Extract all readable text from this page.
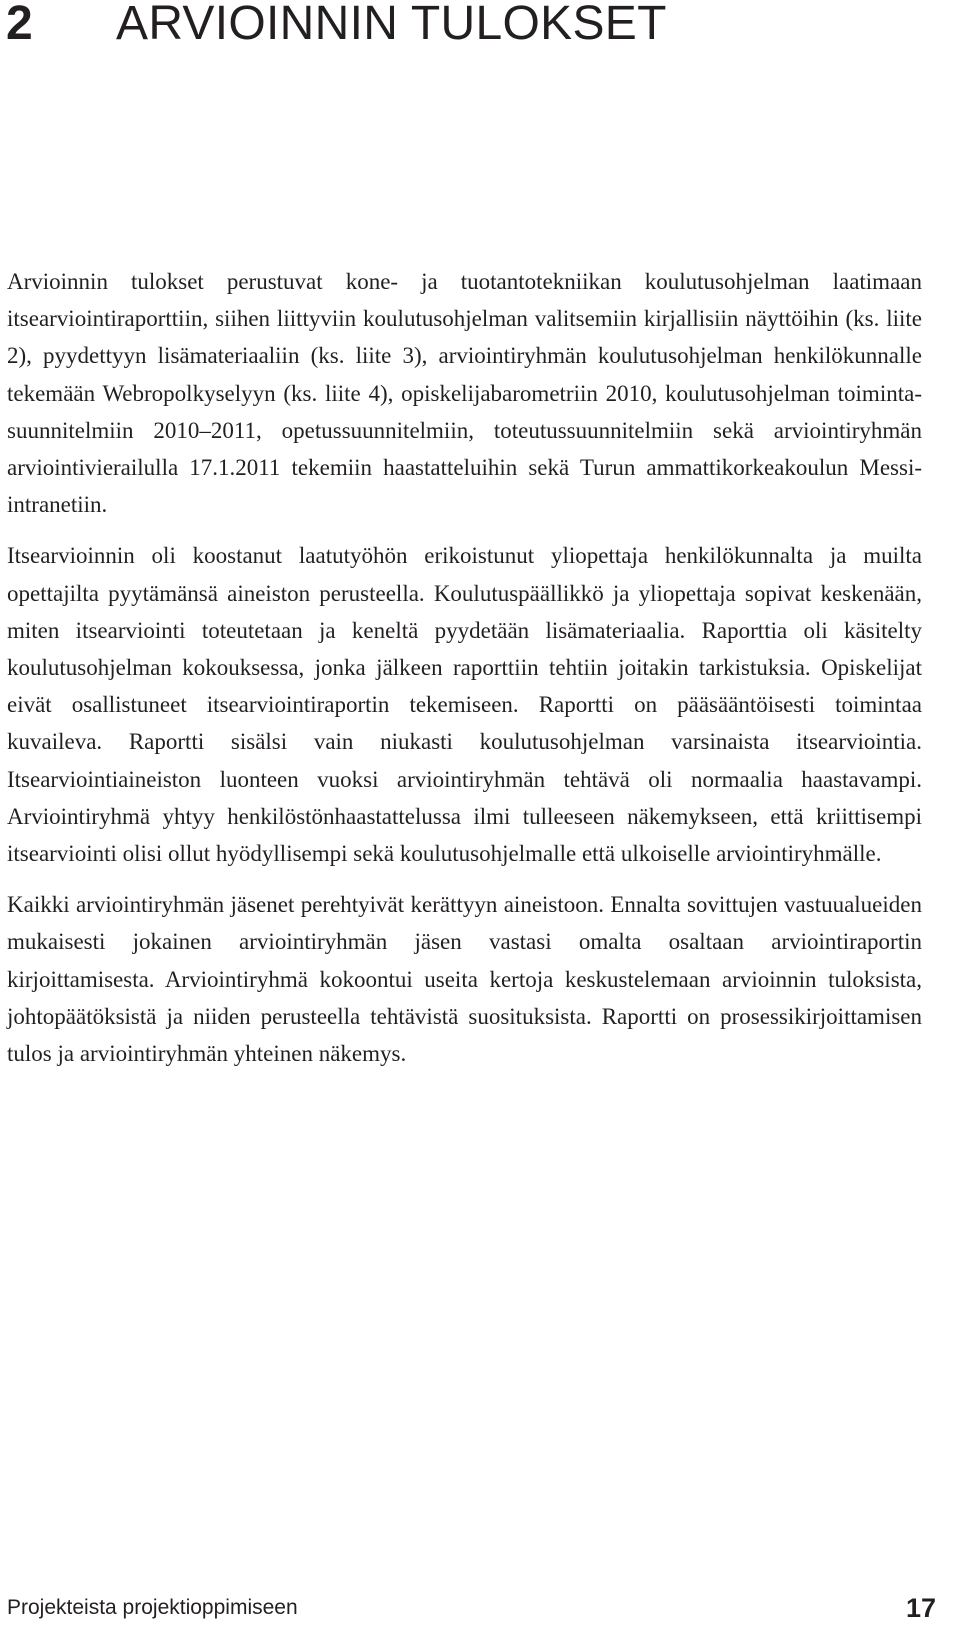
2 ARVIOINNIN TULOKSET

Arvioinnin tulokset perustuvat kone- ja tuotantotekniikan koulutusohjelman laatimaan itsearviointiraporttiin, siihen liittyviin koulutusohjelman valitsemiin kirjallisiin näyttöihin (ks. liite 2), pyydettyyn lisämateriaaliin (ks. liite 3), arviointiryhmän koulutusohjelman henkilökunnalle tekemään Webropolkyselyyn (ks. liite 4), opiskelijabarometriin 2010, koulutusohjelman toimintasuunnitelmiin 2010–2011, opetussuunnitelmiin, toteutussuunnitelmiin sekä arviointiryhmän arviointivierailulla 17.1.2011 tekemiin haastatteluihin sekä Turun ammattikorkeakoulun Messi-intranetiin.

Itsearvioinnin oli koostanut laatutyöhön erikoistunut yliopettaja henkilökunnalta ja muilta opettajilta pyytämänsä aineiston perusteella. Koulutuspäällikkö ja yliopettaja sopivat keskenään, miten itsearviointi toteutetaan ja keneltä pyydetään lisämateriaalia. Raporttia oli käsitelty koulutusohjelman kokouksessa, jonka jälkeen raporttiin tehtiin joitakin tarkistuksia. Opiskelijat eivät osallistuneet itsearviointiraportin tekemiseen. Raportti on pääsääntöisesti toimintaa kuvaileva. Raportti sisälsi vain niukasti koulutusohjelman varsinaista itsearviointia. Itsearviointiaineiston luonteen vuoksi arviointiryhmän tehtävä oli normaalia haastavampi. Arviointiryhmä yhtyy henkilöstönhaastattelussa ilmi tulleeseen näkemykseen, että kriittisempi itsearviointi olisi ollut hyödyllisempi sekä koulutusohjelmalle että ulkoiselle arviointiryhmälle.

Kaikki arviointiryhmän jäsenet perehtyivät kerättyyn aineistoon. Ennalta sovittujen vastuualueiden mukaisesti jokainen arviointiryhmän jäsen vastasi omalta osaltaan arviointiraportin kirjoittamisesta. Arviointiryhmä kokoontui useita kertoja keskustelemaan arvioinnin tuloksista, johtopäätöksistä ja niiden perusteella tehtävistä suosituksista. Raportti on prosessikirjoittamisen tulos ja arviointiryhmän yhteinen näkemys.

Projekteista projektioppimiseen	17
